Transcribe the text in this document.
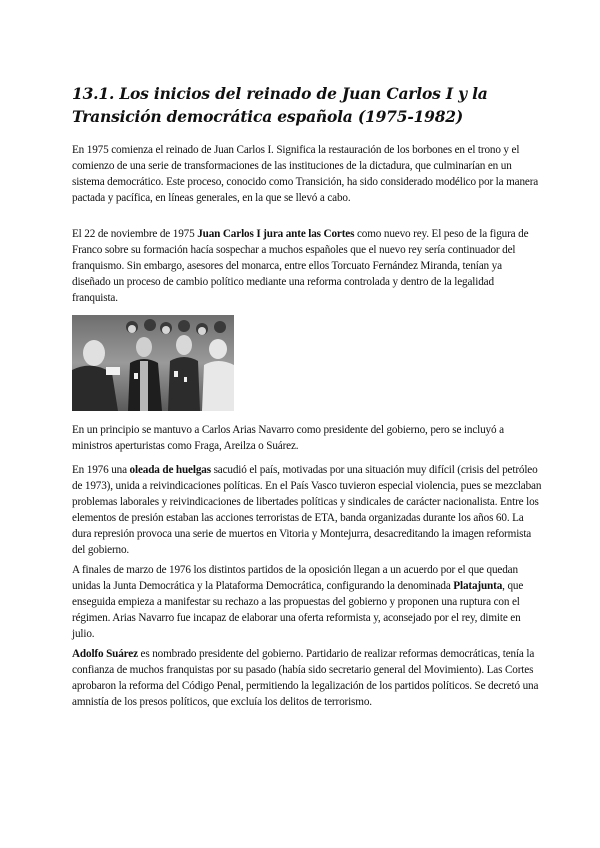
13.1. Los inicios del reinado de Juan Carlos I y la Transición democrática española (1975-1982)

En 1975 comienza el reinado de Juan Carlos I. Significa la restauración de los borbones en el trono y el comienzo de una serie de transformaciones de las instituciones de la dictadura, que culminarían en un sistema democrático. Este proceso, conocido como Transición, ha sido considerado modélico por la manera pactada y pacífica, en líneas generales, en la que se llevó a cabo.

El 22 de noviembre de 1975 Juan Carlos I jura ante las Cortes como nuevo rey. El peso de la figura de Franco sobre su formación hacía sospechar a muchos españoles que el nuevo rey sería continuador del franquismo. Sin embargo, asesores del monarca, entre ellos Torcuato Fernández Miranda, tenían ya diseñado un proceso de cambio político mediante una reforma controlada y dentro de la legalidad franquista.

En un principio se mantuvo a Carlos Arias Navarro como presidente del gobierno, pero se incluyó a ministros aperturistas como Fraga, Areilza o Suárez.

En 1976 una oleada de huelgas sacudió el país, motivadas por una situación muy difícil (crisis del petróleo de 1973), unida a reivindicaciones políticas. En el País Vasco tuvieron especial violencia, pues se mezclaban problemas laborales y reivindicaciones de libertades políticas y sindicales de carácter nacionalista. Entre los elementos de presión estaban las acciones terroristas de ETA, banda organizadas durante los años 60. La dura represión provoca una serie de muertos en Vitoria y Montejurra, desacreditando la imagen reformista del gobierno.

A finales de marzo de 1976 los distintos partidos de la oposición llegan a un acuerdo por el que quedan unidas la Junta Democrática y la Plataforma Democrática, configurando la denominada Platajunta, que enseguida empieza a manifestar su rechazo a las propuestas del gobierno y proponen una ruptura con el régimen. Arias Navarro fue incapaz de elaborar una oferta reformista y, aconsejado por el rey, dimite en julio.

Adolfo Suárez es nombrado presidente del gobierno. Partidario de realizar reformas democráticas, tenía la confianza de muchos franquistas por su pasado (había sido secretario general del Movimiento). Las Cortes aprobaron la reforma del Código Penal, permitiendo la legalización de los partidos políticos. Se decretó una amnistía de los presos políticos, que excluía los delitos de terrorismo.
